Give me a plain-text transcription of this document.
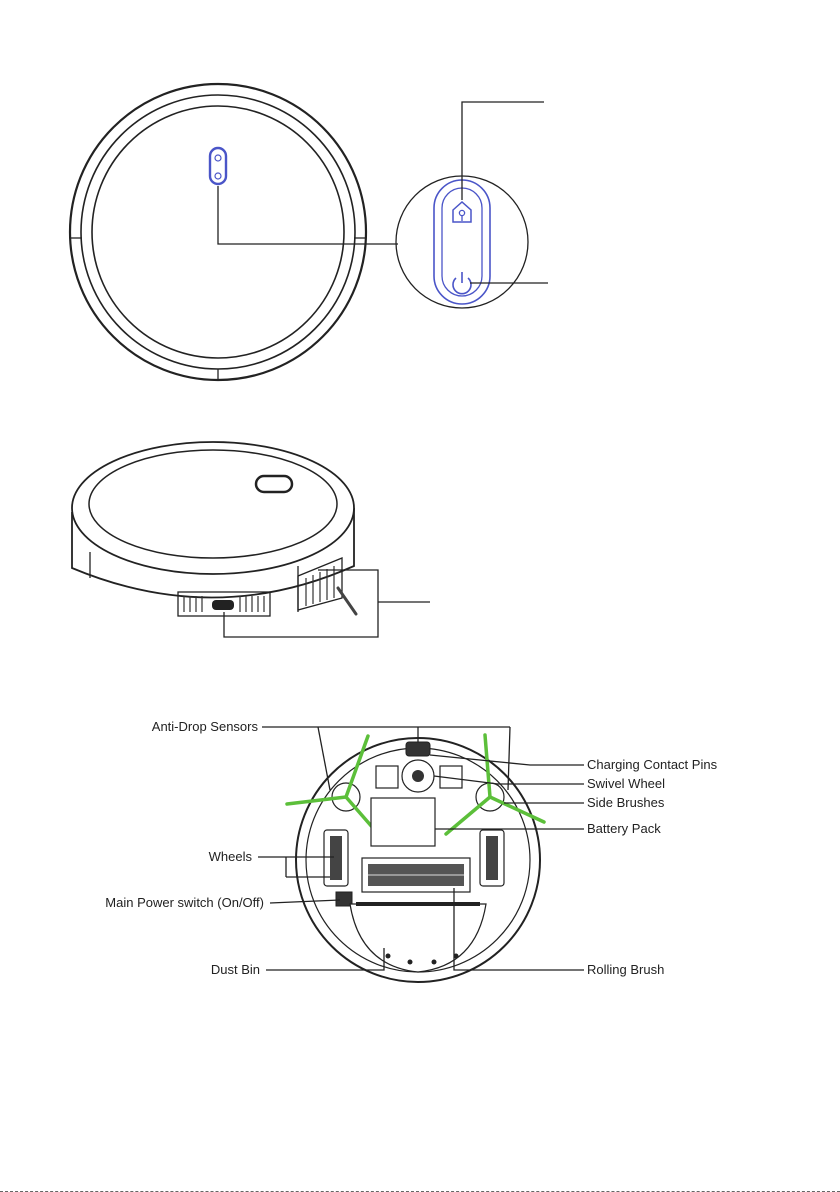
Anti-Drop Sensors
Wheels
Main Power switch (On/Off)
Dust Bin
Charging Contact Pins
Swivel Wheel
Side Brushes
Battery Pack
Rolling Brush
